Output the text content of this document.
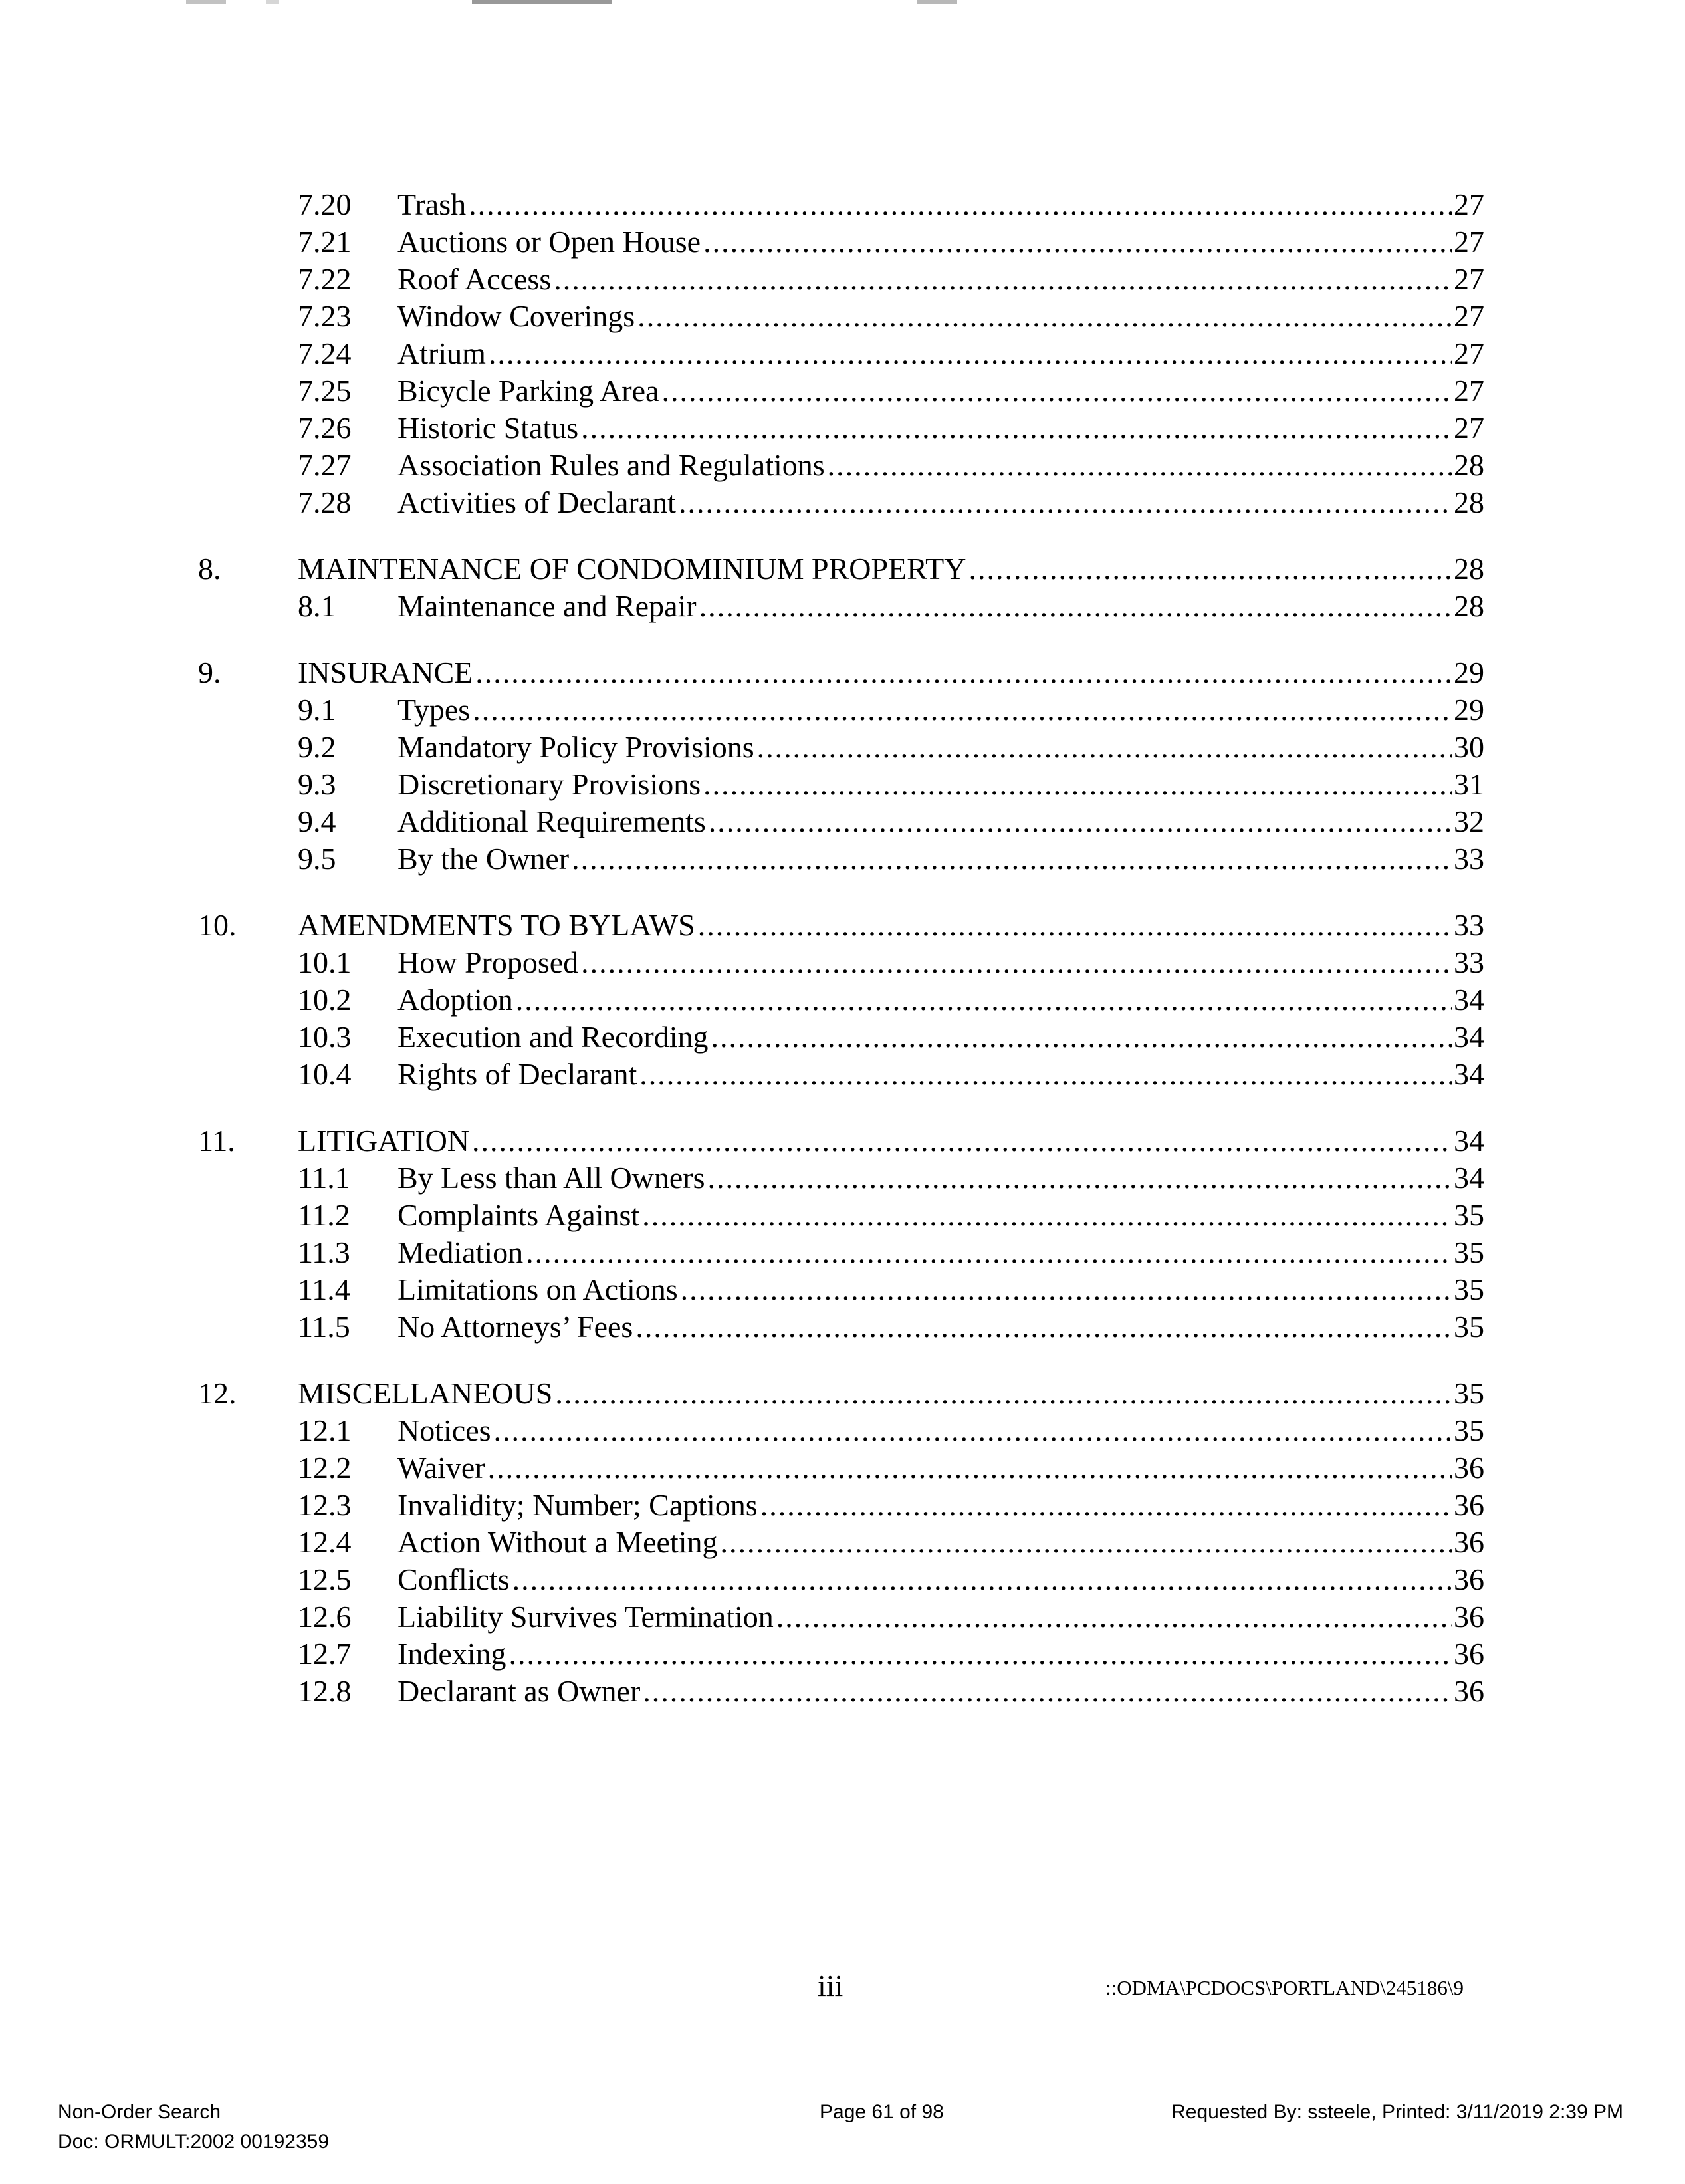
7.20 Trash .....	27
7.21 Auctions or Open House .....	27
7.22 Roof Access .....	27
7.23 Window Coverings .....	27
7.24 Atrium .....	27
7.25 Bicycle Parking Area .....	27
7.26 Historic Status .....	27
7.27 Association Rules and Regulations .....	28
7.28 Activities of Declarant .....	28
8.	MAINTENANCE OF CONDOMINIUM PROPERTY .....	28
8.1 Maintenance and Repair .....	28
9.	INSURANCE .....	29
9.1 Types .....	29
9.2 Mandatory Policy Provisions .....	30
9.3 Discretionary Provisions .....	31
9.4 Additional Requirements .....	32
9.5 By the Owner .....	33
10. AMENDMENTS TO BYLAWS .....	33
10.1 How Proposed .....	33
10.2 Adoption .....	34
10.3 Execution and Recording .....	34
10.4 Rights of Declarant .....	34
11. LITIGATION .....	34
11.1 By Less than All Owners .....	34
11.2 Complaints Against .....	35
11.3 Mediation .....	35
11.4 Limitations on Actions .....	35
11.5 No Attorneys’ Fees .....	35
12. MISCELLANEOUS .....	35
12.1 Notices .....	35
12.2 Waiver .....	36
12.3 Invalidity; Number; Captions .....	36
12.4 Action Without a Meeting .....	36
12.5 Conflicts .....	36
12.6 Liability Survives Termination .....	36
12.7 Indexing .....	36
12.8 Declarant as Owner .....	36
iii	::ODMA\PCDOCS\PORTLAND\245186\9
Non-Order Search
Doc: ORMULT:2002 00192359
Page 61 of 98	Requested By: ssteele, Printed: 3/11/2019 2:39 PM
